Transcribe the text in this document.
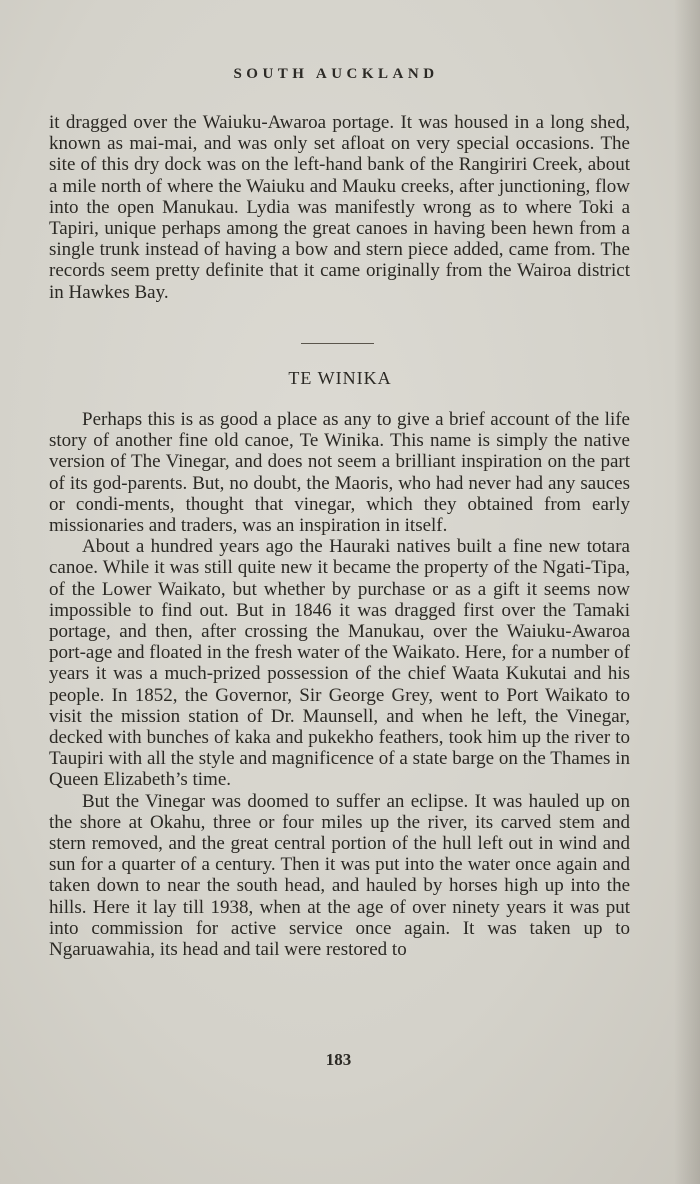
SOUTH AUCKLAND

it dragged over the Waiuku-Awaroa portage. It was housed in a long shed, known as mai-mai, and was only set afloat on very special occasions. The site of this dry dock was on the left-hand bank of the Rangiriri Creek, about a mile north of where the Waiuku and Mauku creeks, after junctioning, flow into the open Manukau. Lydia was manifestly wrong as to where Toki a Tapiri, unique perhaps among the great canoes in having been hewn from a single trunk instead of having a bow and stern piece added, came from. The records seem pretty definite that it came originally from the Wairoa district in Hawkes Bay.

TE WINIKA

Perhaps this is as good a place as any to give a brief account of the life story of another fine old canoe, Te Winika. This name is simply the native version of The Vinegar, and does not seem a brilliant inspiration on the part of its god-parents. But, no doubt, the Maoris, who had never had any sauces or condi-ments, thought that vinegar, which they obtained from early missionaries and traders, was an inspiration in itself.

About a hundred years ago the Hauraki natives built a fine new totara canoe. While it was still quite new it became the property of the Ngati-Tipa, of the Lower Waikato, but whether by purchase or as a gift it seems now impossible to find out. But in 1846 it was dragged first over the Tamaki portage, and then, after crossing the Manukau, over the Waiuku-Awaroa port-age and floated in the fresh water of the Waikato. Here, for a number of years it was a much-prized possession of the chief Waata Kukutai and his people. In 1852, the Governor, Sir George Grey, went to Port Waikato to visit the mission station of Dr. Maunsell, and when he left, the Vinegar, decked with bunches of kaka and pukekho feathers, took him up the river to Taupiri with all the style and magnificence of a state barge on the Thames in Queen Elizabeth’s time.

But the Vinegar was doomed to suffer an eclipse. It was hauled up on the shore at Okahu, three or four miles up the river, its carved stem and stern removed, and the great central portion of the hull left out in wind and sun for a quarter of a century. Then it was put into the water once again and taken down to near the south head, and hauled by horses high up into the hills. Here it lay till 1938, when at the age of over ninety years it was put into commission for active service once again. It was taken up to Ngaruawahia, its head and tail were restored to

183
